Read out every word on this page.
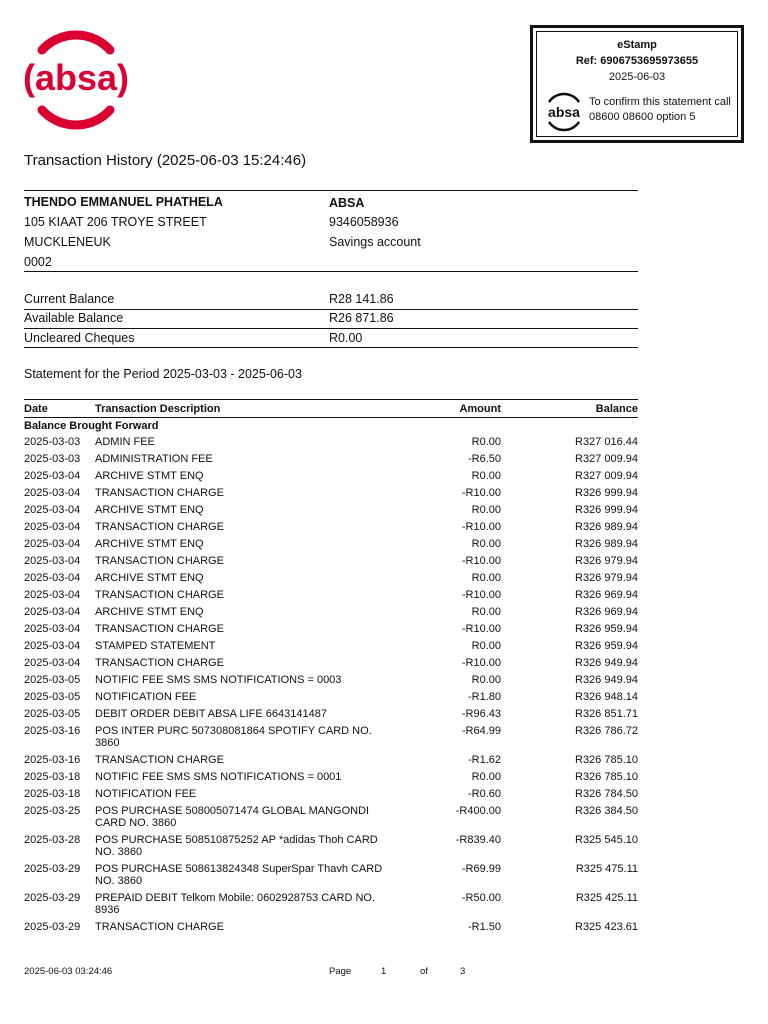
(absa)
eStamp
Ref: 6906753695973655
2025-06-03
absa
To confirm this statement call 08600 08600 option 5
Transaction History (2025-06-03 15:24:46)
THENDO EMMANUEL PHATHELA
105 KIAAT 206 TROYE STREET
MUCKLENEUK
0002
ABSA
9346058936
Savings account
Current Balance	R28 141.86
Available Balance	R26 871.86
Uncleared Cheques	R0.00
Statement for the Period 2025-03-03 - 2025-06-03
Date	Transaction Description	Amount	Balance
Balance Brought Forward
2025-03-03 ADMIN FEE	R0.00	R327 016.44
2025-03-03 ADMINISTRATION FEE	-R6.50	R327 009.94
2025-03-04 ARCHIVE STMT ENQ	R0.00	R327 009.94
2025-03-04 TRANSACTION CHARGE	-R10.00	R326 999.94
2025-03-04 ARCHIVE STMT ENQ	R0.00	R326 999.94
2025-03-04 TRANSACTION CHARGE	-R10.00	R326 989.94
2025-03-04 ARCHIVE STMT ENQ	R0.00	R326 989.94
2025-03-04 TRANSACTION CHARGE	-R10.00	R326 979.94
2025-03-04 ARCHIVE STMT ENQ	R0.00	R326 979.94
2025-03-04 TRANSACTION CHARGE	-R10.00	R326 969.94
2025-03-04 ARCHIVE STMT ENQ	R0.00	R326 969.94
2025-03-04 TRANSACTION CHARGE	-R10.00	R326 959.94
2025-03-04 STAMPED STATEMENT	R0.00	R326 959.94
2025-03-04 TRANSACTION CHARGE	-R10.00	R326 949.94
2025-03-05 NOTIFIC FEE SMS SMS NOTIFICATIONS = 0003	R0.00	R326 949.94
2025-03-05 NOTIFICATION FEE	-R1.80	R326 948.14
2025-03-05 DEBIT ORDER DEBIT ABSA LIFE 6643141487	-R96.43	R326 851.71
2025-03-16 POS INTER PURC 507308081864 SPOTIFY CARD NO. 3860
-R64.99	R326 786.72
2025-03-16 TRANSACTION CHARGE	-R1.62	R326 785.10
2025-03-18 NOTIFIC FEE SMS SMS NOTIFICATIONS = 0001	R0.00	R326 785.10
2025-03-18 NOTIFICATION FEE	-R0.60	R326 784.50
2025-03-25 POS PURCHASE 508005071474 GLOBAL MANGONDI CARD NO. 3860
-R400.00	R326 384.50
2025-03-28 POS PURCHASE 508510875252 AP *adidas Thoh CARD NO. 3860
-R839.40	R325 545.10
2025-03-29 POS PURCHASE 508613824348 SuperSpar Thavh CARD NO. 3860
-R69.99	R325 475.11
2025-03-29 PREPAID DEBIT Telkom Mobile: 0602928753 CARD NO. 8936
-R50.00	R325 425.11
2025-03-29 TRANSACTION CHARGE	-R1.50	R325 423.61
2025-06-03 03:24:46	Page	1	of	3
